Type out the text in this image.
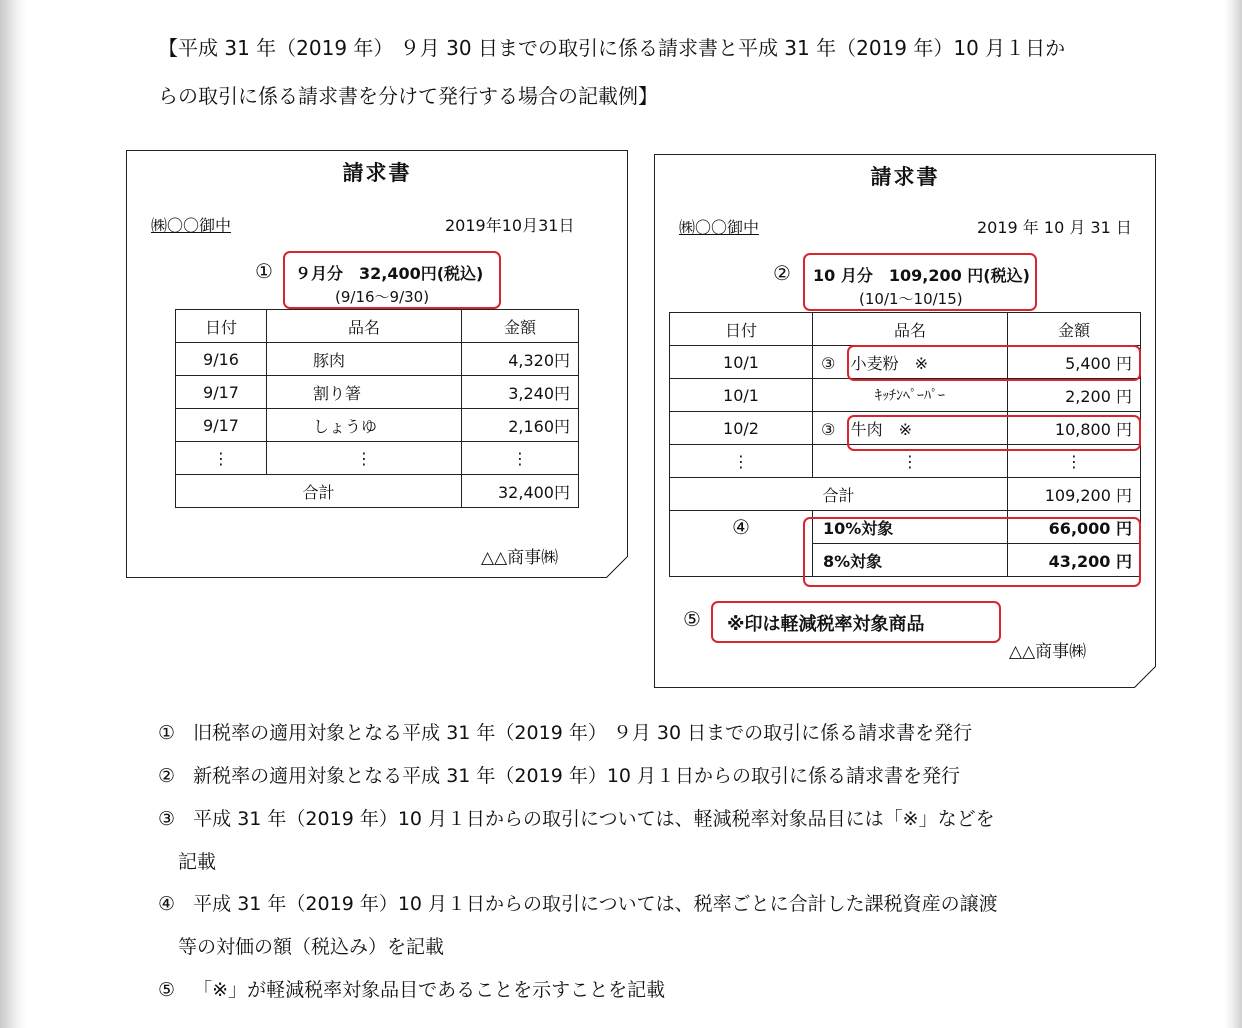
【平成 31 年（2019 年） ９月 30 日までの取引に係る請求書と平成 31 年（2019 年）10 月１日か
らの取引に係る請求書を分けて発行する場合の記載例】
請求書
㈱〇〇御中	2019年10月31日
① ９月分　32,400円(税込)
(9/16～9/30)
日付	品名	金額
9/16	豚肉	4,320円
9/17	割り箸	3,240円
9/17	しょうゆ	2,160円
⋮	⋮	⋮
合計		32,400円
△△商事㈱
請求書
㈱〇〇御中	2019 年 10 月 31 日
② 10 月分　109,200 円(税込)
(10/1～10/15)
日付	品名	金額
10/1	③ 小麦粉　※	5,400 円
10/1	ｷｯﾁﾝﾍﾟｰﾊﾟｰ	2,200 円
10/2	③ 牛肉　※	10,800 円
⋮	⋮	⋮
合計		109,200 円
④	10%対象	66,000 円
	8%対象	43,200 円
⑤ ※印は軽減税率対象商品
△△商事㈱
① 旧税率の適用対象となる平成 31 年（2019 年） ９月 30 日までの取引に係る請求書を発行
② 新税率の適用対象となる平成 31 年（2019 年）10 月１日からの取引に係る請求書を発行
③ 平成 31 年（2019 年）10 月１日からの取引については、軽減税率対象品目には「※」などを
記載
④ 平成 31 年（2019 年）10 月１日からの取引については、税率ごとに合計した課税資産の譲渡
等の対価の額（税込み）を記載
⑤ 「※」が軽減税率対象品目であることを示すことを記載
